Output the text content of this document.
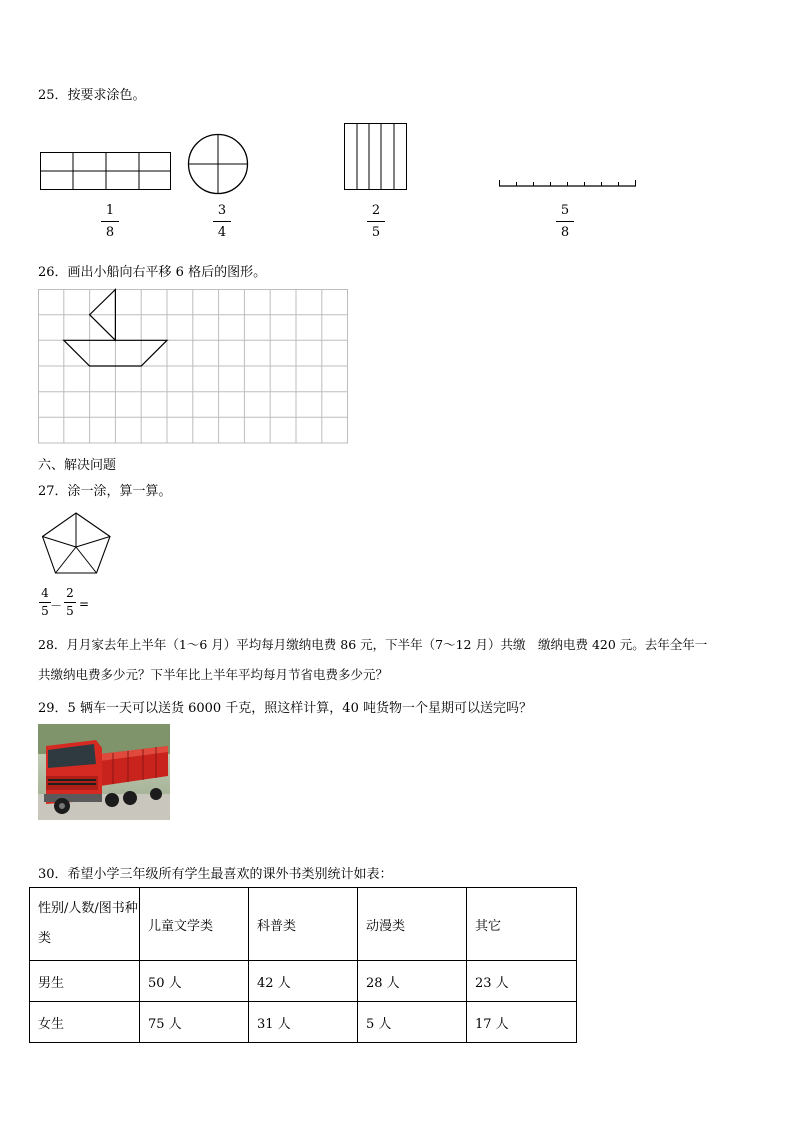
25．按要求涂色。
1
8
3
4
2
5
5
8
26．画出小船向右平移 6 格后的图形。
六、解决问题
27．涂一涂，算一算。
4
5 －
2
5 =
28．月月家去年上半年（1～6 月）平均每月缴纳电费 86 元，下半年（7～12 月）共缴　缴纳电费 420 元。去年全年一
共缴纳电费多少元？下半年比上半年平均每月节省电费多少元？
29．5 辆车一天可以送货 6000 千克，照这样计算，40 吨货物一个星期可以送完吗？
30．希望小学三年级所有学生最喜欢的课外书类别统计如表：
性别/人数/图书种类	儿童文学类	科普类	动漫类	其它
男生	50 人	42 人	28 人	23 人
女生	75 人	31 人	5 人	17 人
